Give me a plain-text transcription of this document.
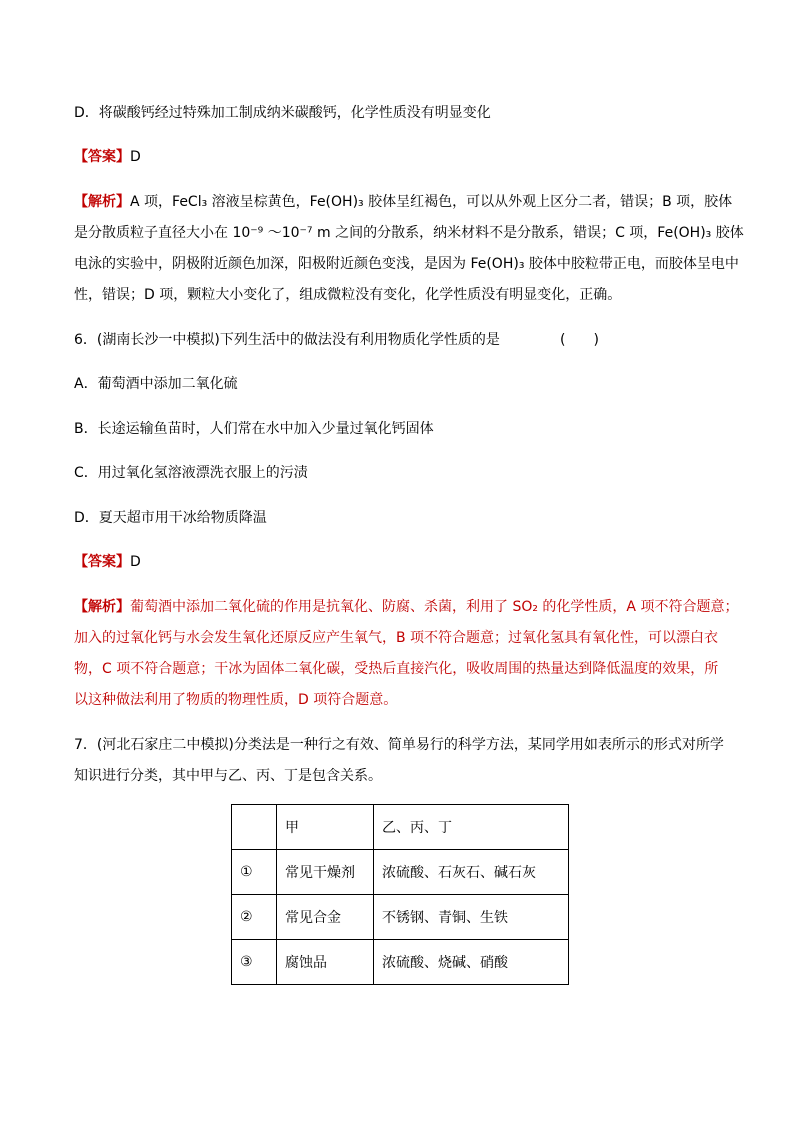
D．将碳酸钙经过特殊加工制成纳米碳酸钙，化学性质没有明显变化
【答案】D
【解析】A 项，FeCl₃ 溶液呈棕黄色，Fe(OH)₃ 胶体呈红褐色，可以从外观上区分二者，错误；B 项，胶体
是分散质粒子直径大小在 10⁻⁹ ～10⁻⁷ m 之间的分散系，纳米材料不是分散系，错误；C 项，Fe(OH)₃ 胶体
电泳的实验中，阴极附近颜色加深，阳极附近颜色变浅，是因为 Fe(OH)₃ 胶体中胶粒带正电，而胶体呈电中
性，错误；D 项，颗粒大小变化了，组成微粒没有变化，化学性质没有明显变化，正确。
6．(湖南长沙一中模拟)下列生活中的做法没有利用物质化学性质的是	(　　)
A．葡萄酒中添加二氧化硫
B．长途运输鱼苗时，人们常在水中加入少量过氧化钙固体
C．用过氧化氢溶液漂洗衣服上的污渍
D．夏天超市用干冰给物质降温
【答案】D
【解析】葡萄酒中添加二氧化硫的作用是抗氧化、防腐、杀菌，利用了 SO₂ 的化学性质，A 项不符合题意；
加入的过氧化钙与水会发生氧化还原反应产生氧气，B 项不符合题意；过氧化氢具有氧化性，可以漂白衣
物，C 项不符合题意；干冰为固体二氧化碳，受热后直接汽化，吸收周围的热量达到降低温度的效果，所
以这种做法利用了物质的物理性质，D 项符合题意。
7．(河北石家庄二中模拟)分类法是一种行之有效、简单易行的科学方法，某同学用如表所示的形式对所学
知识进行分类，其中甲与乙、丙、丁是包含关系。
	甲	乙、丙、丁
①	常见干燥剂	浓硫酸、石灰石、碱石灰
②	常见合金	不锈钢、青铜、生铁
③	腐蚀品	浓硫酸、烧碱、硝酸
